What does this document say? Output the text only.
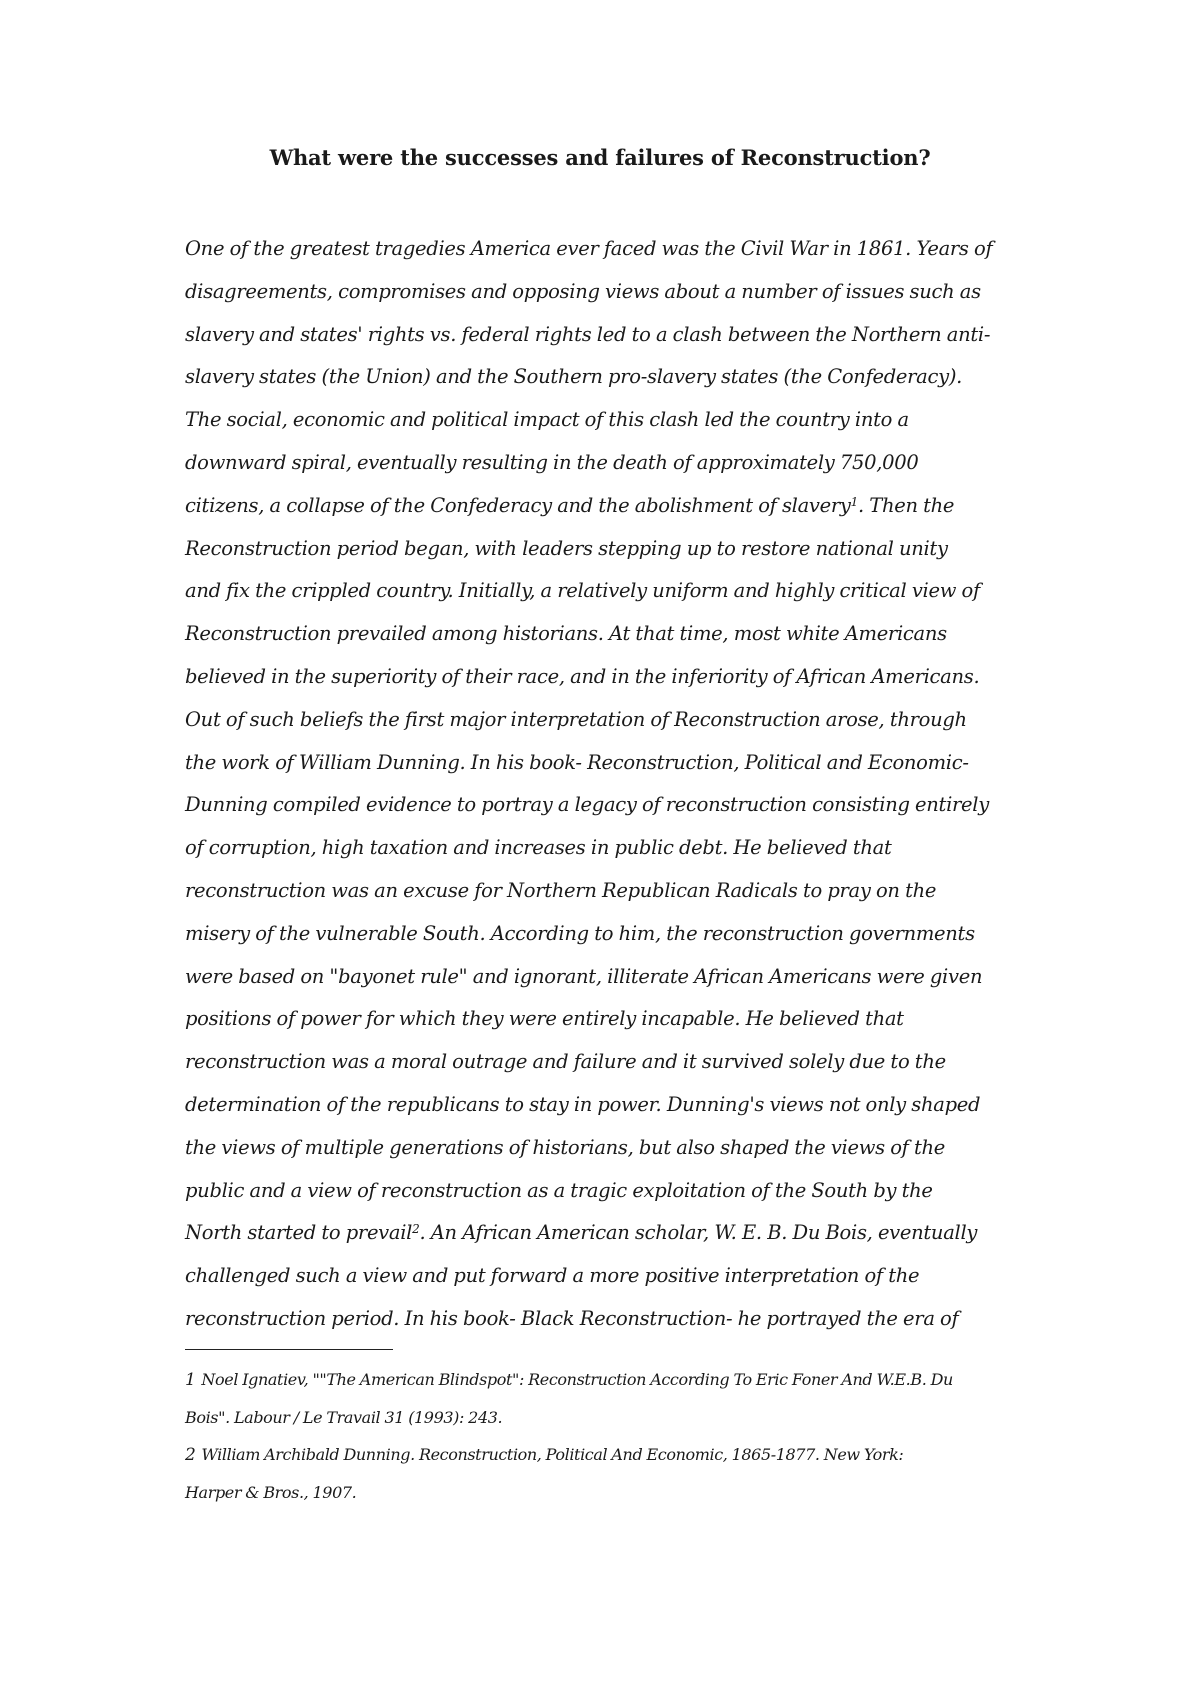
What were the successes and failures of Reconstruction?
One of the greatest tragedies America ever faced was the Civil War in 1861. Years of
disagreements, compromises and opposing views about a number of issues such as
slavery and states' rights vs. federal rights led to a clash between the Northern anti-
slavery states (the Union) and the Southern pro-slavery states (the Confederacy).
The social, economic and political impact of this clash led the country into a
downward spiral, eventually resulting in the death of approximately 750,000
citizens, a collapse of the Confederacy and the abolishment of slavery$^1$. Then the
Reconstruction period began, with leaders stepping up to restore national unity
and fix the crippled country. Initially, a relatively uniform and highly critical view of
Reconstruction prevailed among historians. At that time, most white Americans
believed in the superiority of their race, and in the inferiority of African Americans.
Out of such beliefs the first major interpretation of Reconstruction arose, through
the work of William Dunning. In his book- Reconstruction, Political and Economic-
Dunning compiled evidence to portray a legacy of reconstruction consisting entirely
of corruption, high taxation and increases in public debt. He believed that
reconstruction was an excuse for Northern Republican Radicals to pray on the
misery of the vulnerable South. According to him, the reconstruction governments
were based on "bayonet rule" and ignorant, illiterate African Americans were given
positions of power for which they were entirely incapable. He believed that
reconstruction was a moral outrage and failure and it survived solely due to the
determination of the republicans to stay in power. Dunning's views not only shaped
the views of multiple generations of historians, but also shaped the views of the
public and a view of reconstruction as a tragic exploitation of the South by the
North started to prevail$^2$. An African American scholar, W. E. B. Du Bois, eventually
challenged such a view and put forward a more positive interpretation of the
reconstruction period. In his book- Black Reconstruction- he portrayed the era of
1 Noel Ignatiev, ""The American Blindspot": Reconstruction According To Eric Foner And W.E.B. Du
Bois". Labour / Le Travail 31 (1993): 243.
2 William Archibald Dunning. Reconstruction, Political And Economic, 1865-1877. New York:
Harper & Bros., 1907.
